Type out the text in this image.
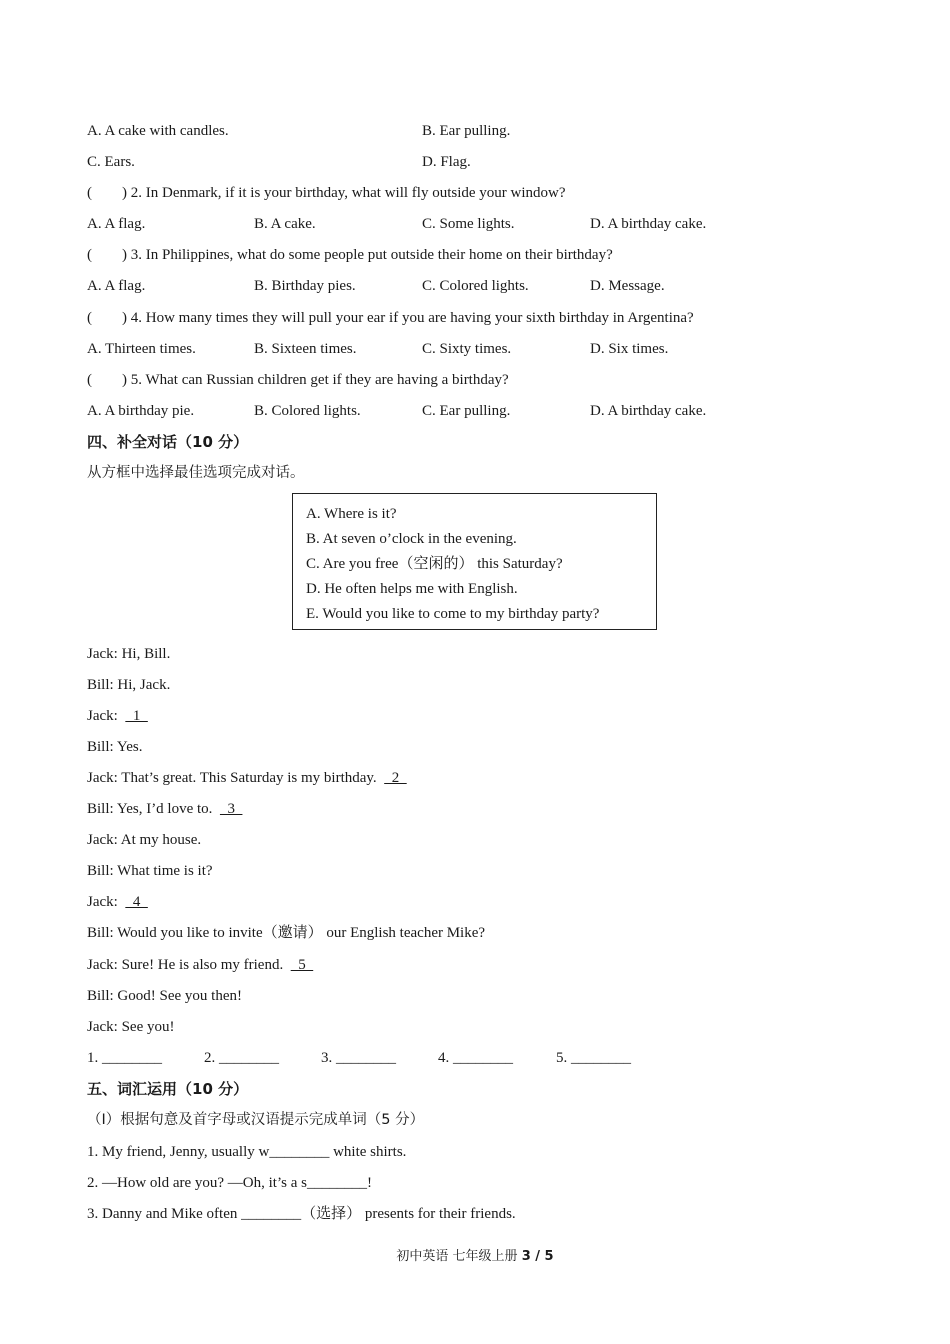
A. A cake with candles.	B. Ear pulling.
C. Ears.	D. Flag.
(        ) 2. In Denmark, if it is your birthday, what will fly outside your window?
A. A flag.	B. A cake.	C. Some lights.	D. A birthday cake.
(        ) 3. In Philippines, what do some people put outside their home on their birthday?
A. A flag.	B. Birthday pies.	C. Colored lights.	D. Message.
(        ) 4. How many times they will pull your ear if you are having your sixth birthday in Argentina?
A. Thirteen times.	B. Sixteen times.	C. Sixty times.	D. Six times.
(        ) 5. What can Russian children get if they are having a birthday?
A. A birthday pie.	B. Colored lights.	C. Ear pulling.	D. A birthday cake.
四、补全对话（10 分）
从方框中选择最佳选项完成对话。
A. Where is it?
B. At seven o’clock in the evening.
C. Are you free（空闲的） this Saturday?
D. He often helps me with English.
E. Would you like to come to my birthday party?
Jack: Hi, Bill.
Bill: Hi, Jack.
Jack:    1
Bill: Yes.
Jack: That’s great. This Saturday is my birthday.    2
Bill: Yes, I’d love to.    3
Jack: At my house.
Bill: What time is it?
Jack:    4
Bill: Would you like to invite（邀请） our English teacher Mike?
Jack: Sure! He is also my friend.    5
Bill: Good! See you then!
Jack: See you!
1. ________	2. ________	3. ________	4. ________	5. ________
五、词汇运用（10 分）
（Ⅰ）根据句意及首字母或汉语提示完成单词（5 分）
1. My friend, Jenny, usually w________ white shirts.
2. —How old are you? —Oh, it’s a s________!
3. Danny and Mike often ________（选择） presents for their friends.
初中英语 七年级上册 3 / 5
